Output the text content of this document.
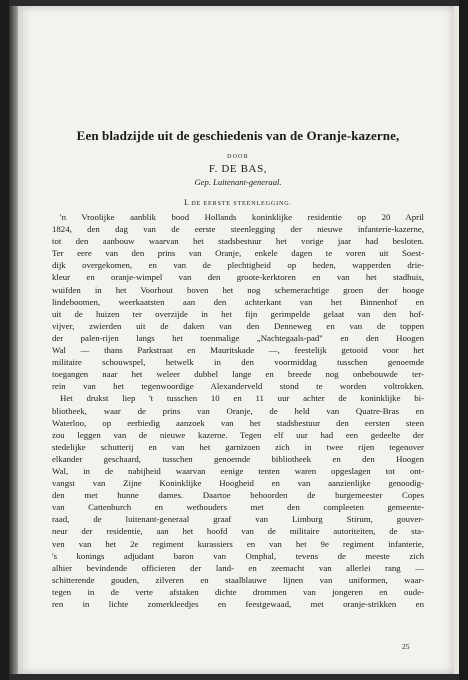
Een bladzijde uit de geschiedenis van de Oranje-kazerne,
DOOR
F. DE BAS,
Gep. Luitenant-generaal.
I. DE EERSTE STEENLEGGING.
'n Vroolijke aanblik bood Hollands koninklijke residentie op 20 April
1824, den dag van de eerste steenlegging der nieuwe infanterie-kazerne,
tot den aanbouw waarvan het stadsbestuur het vorige jaar had besloten.
Ter eere van den prins van Oranje, enkele dagen te voren uit Soest-
dijk overgekomen, en van de plechtigheid op heden, wapperden drie-
kleur en oranje-wimpel van den groote-kerktoren en van het stadhuis,
wuifden in het Voorhout boven het nog schemerachtige groen der hooge
lindeboomen, weerkaatsten aan den achterkant van het Binnenhof en
uit de huizen ter overzijde in het fijn gerimpelde gelaat van den hof-
vijver, zwierden uit de daken van den Denneweg en van de toppen
der palen-rijen langs het toenmalige „Nachtegaals-pad" en den Hoogen
Wal — thans Parkstraat en Mauritskade —, feestelijk getooid voor het
militaire schouwspel, hetwelk in den voormiddag tusschen genoemde
toegangen naar het weleer dubbel lange en breede nog onbebouwde ter-
rein van het tegenwoordige Alexanderveld stond te worden voltrokken.
Het drukst liep 't tusschen 10 en 11 uur achter de koninklijke bi-
bliotheek, waar de prins van Oranje, de held van Quatre-Bras en
Waterloo, op eerbiedig aanzoek van het stadsbestuur den eersten steen
zou leggen van de nieuwe kazerne. Tegen elf uur had een gedeelte der
stedelijke schutterij en van het garnizoen zich in twee rijen tegenover
elkander geschaard, tusschen genoemde bibliotheek en den Hoogen
Wal, in de nabijheid waarvan eenige tenten waren opgeslagen tot ont-
vangst van Zijne Koninklijke Hoogheid en van aanzienlijke genoodig-
den met hunne dames. Daartoe behoorden de burgemeester Copes
van Cattenburch en wethouders met den compleeten gemeente-
raad, de luitenant-generaal graaf van Limburg Stirum, gouver-
neur der residentie, aan het hoofd van de militaire autoriteiten, de sta-
ven van het 2e regiment kurassiers en van het 9e regiment infanterie,
's konings adjudant baron van Omphal, tevens de meeste zich
alhier bevindende officieren der land- en zeemacht van allerlei rang —
schitterende gouden, zilveren en staalblauwe lijnen van uniformen, waar-
tegen in de verte afstaken dichte drommen van jongeren en oude-
ren in lichte zomerkleedjes en feestgewaad, met oranje-strikken en
25
